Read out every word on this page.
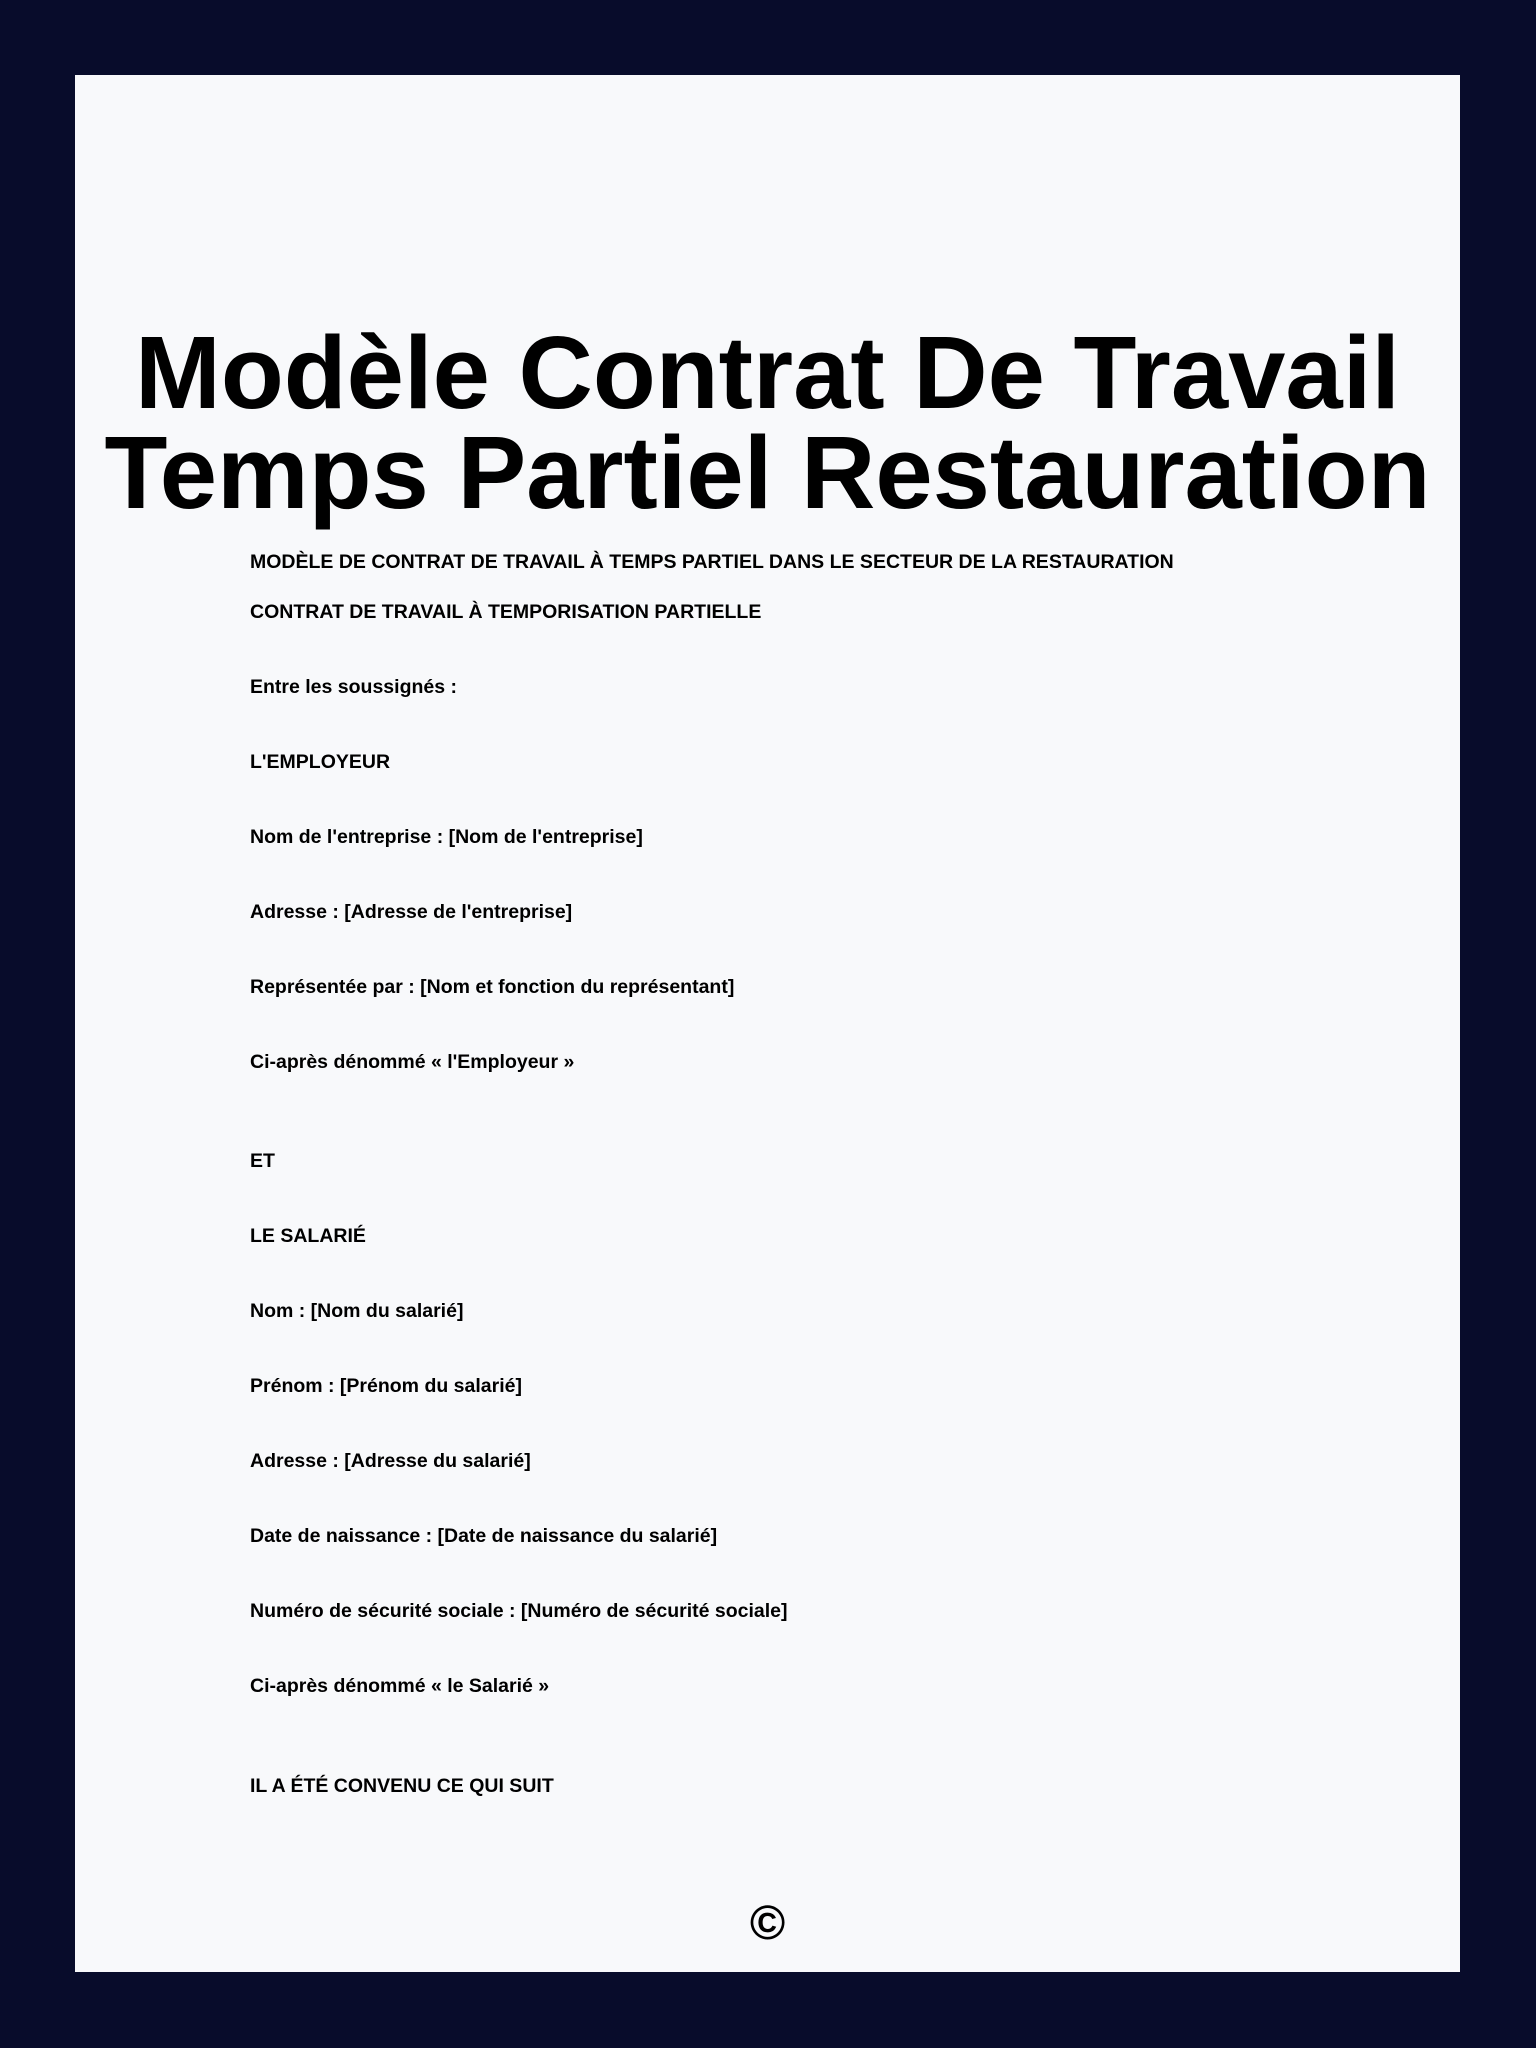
Modèle Contrat De Travail
Temps Partiel Restauration
MODÈLE DE CONTRAT DE TRAVAIL À TEMPS PARTIEL DANS LE SECTEUR DE LA RESTAURATION
CONTRAT DE TRAVAIL À TEMPORISATION PARTIELLE
Entre les soussignés :
L'EMPLOYEUR
Nom de l'entreprise : [Nom de l'entreprise]
Adresse : [Adresse de l'entreprise]
Représentée par : [Nom et fonction du représentant]
Ci-après dénommé « l'Employeur »
ET
LE SALARIÉ
Nom : [Nom du salarié]
Prénom : [Prénom du salarié]
Adresse : [Adresse du salarié]
Date de naissance : [Date de naissance du salarié]
Numéro de sécurité sociale : [Numéro de sécurité sociale]
Ci-après dénommé « le Salarié »
IL A ÉTÉ CONVENU CE QUI SUIT
©
